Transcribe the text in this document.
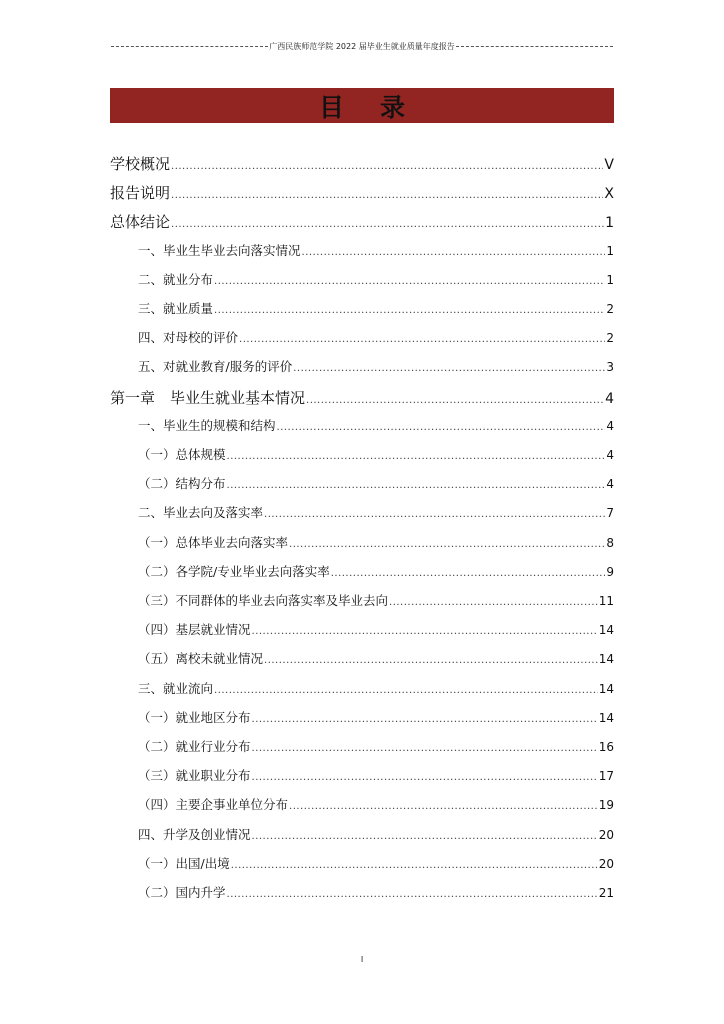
广西民族师范学院 2022 届毕业生就业质量年度报告
目录
学校概况 .....	V
报告说明 .....	X
总体结论 .....	1
一、毕业生毕业去向落实情况 .....	1
二、就业分布 .....	1
三、就业质量 .....	2
四、对母校的评价 .....	2
五、对就业教育/服务的评价 .....	3
第一章　毕业生就业基本情况 .....	4
一、毕业生的规模和结构 .....	4
（一）总体规模 .....	4
（二）结构分布 .....	4
二、毕业去向及落实率 .....	7
（一）总体毕业去向落实率 .....	8
（二）各学院/专业毕业去向落实率 .....	9
（三）不同群体的毕业去向落实率及毕业去向 .....	11
（四）基层就业情况 .....	14
（五）离校未就业情况 .....	14
三、就业流向 .....	14
（一）就业地区分布 .....	14
（二）就业行业分布 .....	16
（三）就业职业分布 .....	17
（四）主要企事业单位分布 .....	19
四、升学及创业情况 .....	20
（一）出国/出境 .....	20
（二）国内升学 .....	21
I
